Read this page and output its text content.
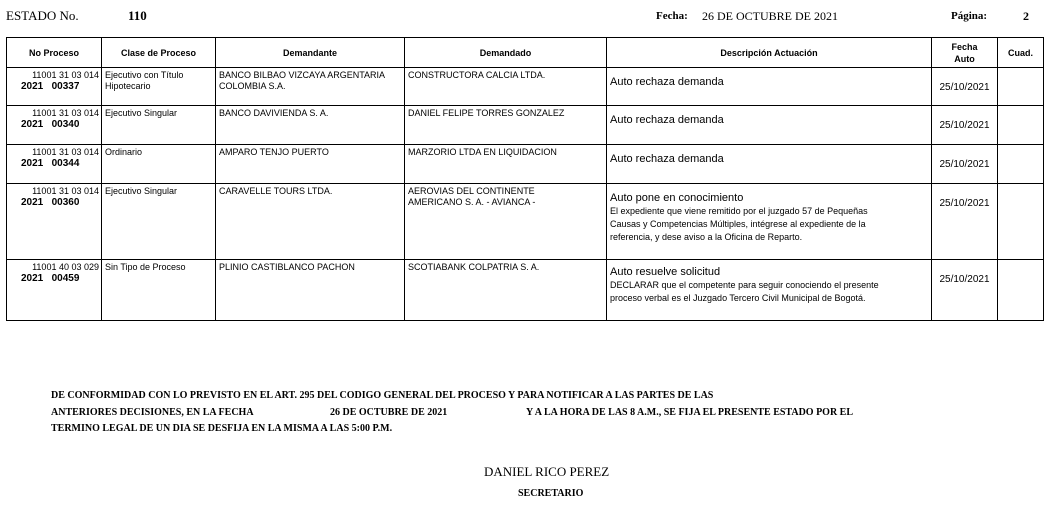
ESTADO No.	110	Fecha: 26 DE OCTUBRE DE 2021	Página:	2
No Proceso	Clase de Proceso	Demandante	Demandado	Descripción Actuación	Fecha Auto	Cuad.

11001 31 03 014
2021   00337	Ejecutivo con Título Hipotecario	BANCO BILBAO VIZCAYA ARGENTARIA COLOMBIA S.A.	CONSTRUCTORA CALCIA LTDA.	Auto rechaza demanda	25/10/2021	

11001 31 03 014
2021   00340	Ejecutivo Singular	BANCO DAVIVIENDA S. A.	DANIEL FELIPE TORRES GONZALEZ	Auto rechaza demanda	25/10/2021	

11001 31 03 014
2021   00344	Ordinario	AMPARO TENJO PUERTO	MARZORIO LTDA EN LIQUIDACION	Auto rechaza demanda	25/10/2021	

11001 31 03 014
2021   00360	Ejecutivo Singular	CARAVELLE TOURS LTDA.	AEROVIAS DEL CONTINENTE AMERICANO S. A. - AVIANCA -	Auto pone en conocimiento
El expediente que viene remitido por el juzgado 57 de Pequeñas Causas y Competencias Múltiples, intégrese al expediente de la referencia, y dese aviso a la Oficina de Reparto.	25/10/2021	

11001 40 03 029
2021   00459	Sin Tipo de Proceso	PLINIO CASTIBLANCO PACHON	SCOTIABANK COLPATRIA S. A.	Auto resuelve solicitud
DECLARAR que el competente para seguir conociendo el presente proceso verbal es el Juzgado Tercero Civil Municipal de Bogotá.	25/10/2021	
DE CONFORMIDAD CON LO PREVISTO EN EL ART. 295 DEL CODIGO GENERAL DEL PROCESO Y PARA NOTIFICAR A LAS PARTES DE LAS
ANTERIORES DECISIONES, EN LA FECHA	26 DE OCTUBRE DE 2021	Y A LA HORA DE LAS 8 A.M., SE FIJA EL PRESENTE ESTADO POR EL
TERMINO LEGAL DE UN DIA SE DESFIJA EN LA MISMA A LAS 5:00 P.M.
DANIEL RICO PEREZ
SECRETARIO
